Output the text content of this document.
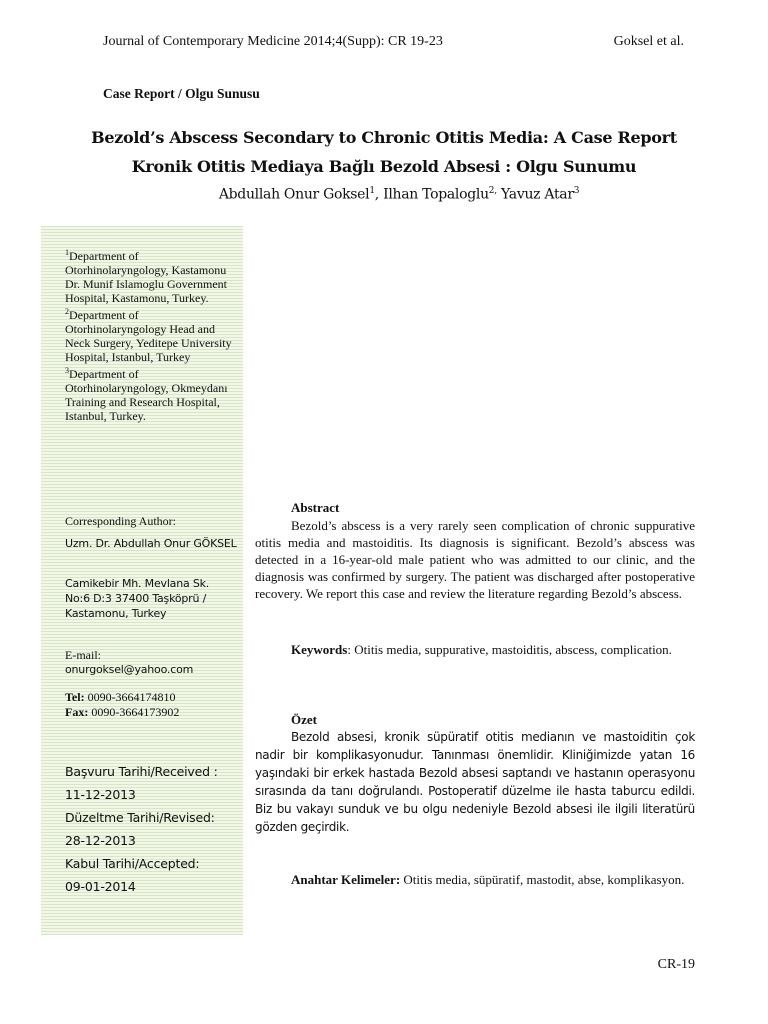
Journal of Contemporary Medicine 2014;4(Supp): CR 19-23	Goksel et al.
Case Report / Olgu Sunusu
Bezold’s Abscess Secondary to Chronic Otitis Media: A Case Report
Kronik Otitis Mediaya Bağlı Bezold Absesi : Olgu Sunumu
Abdullah Onur Goksel$^1$, Ilhan Topaloglu$^{2,}$ Yavuz Atar$^3$
$^1$Department of Otorhinolaryngology, Kastamonu Dr. Munif Islamoglu Government Hospital, Kastamonu, Turkey.
$^2$Department of Otorhinolaryngology Head and Neck Surgery, Yeditepe University Hospital, Istanbul, Turkey
$^3$Department of Otorhinolaryngology, Okmeydanı Training and Research Hospital, Istanbul, Turkey.
Corresponding Author:
Uzm. Dr. Abdullah Onur GÖKSEL
Camikebir Mh. Mevlana Sk. No:6 D:3 37400 Taşköprü / Kastamonu, Turkey
E-mail:
onurgoksel@yahoo.com
Tel: 0090-3664174810
Fax: 0090-3664173902
Başvuru Tarihi/Received :
11-12-2013
Düzeltme Tarihi/Revised:
28-12-2013
Kabul Tarihi/Accepted:
09-01-2014
Abstract
Bezold’s abscess is a very rarely seen complication of chronic suppurative otitis media and mastoiditis. Its diagnosis is significant. Bezold’s abscess was detected in a 16-year-old male patient who was admitted to our clinic, and the diagnosis was confirmed by surgery. The patient was discharged after postoperative recovery. We report this case and review the literature regarding Bezold’s abscess.
Keywords: Otitis media, suppurative, mastoiditis, abscess, complication.
Özet
Bezold absesi, kronik süpüratif otitis medianın ve mastoiditin çok nadir bir komplikasyonudur. Tanınması önemlidir. Kliniğimizde yatan 16 yaşındaki bir erkek hastada Bezold absesi saptandı ve hastanın operasyonu sırasında da tanı doğrulandı. Postoperatif düzelme ile hasta taburcu edildi. Biz bu vakayı sunduk ve bu olgu nedeniyle Bezold absesi ile ilgili literatürü gözden geçirdik.
Anahtar Kelimeler: Otitis media, süpüratif, mastodit, abse, komplikasyon.
CR-19
